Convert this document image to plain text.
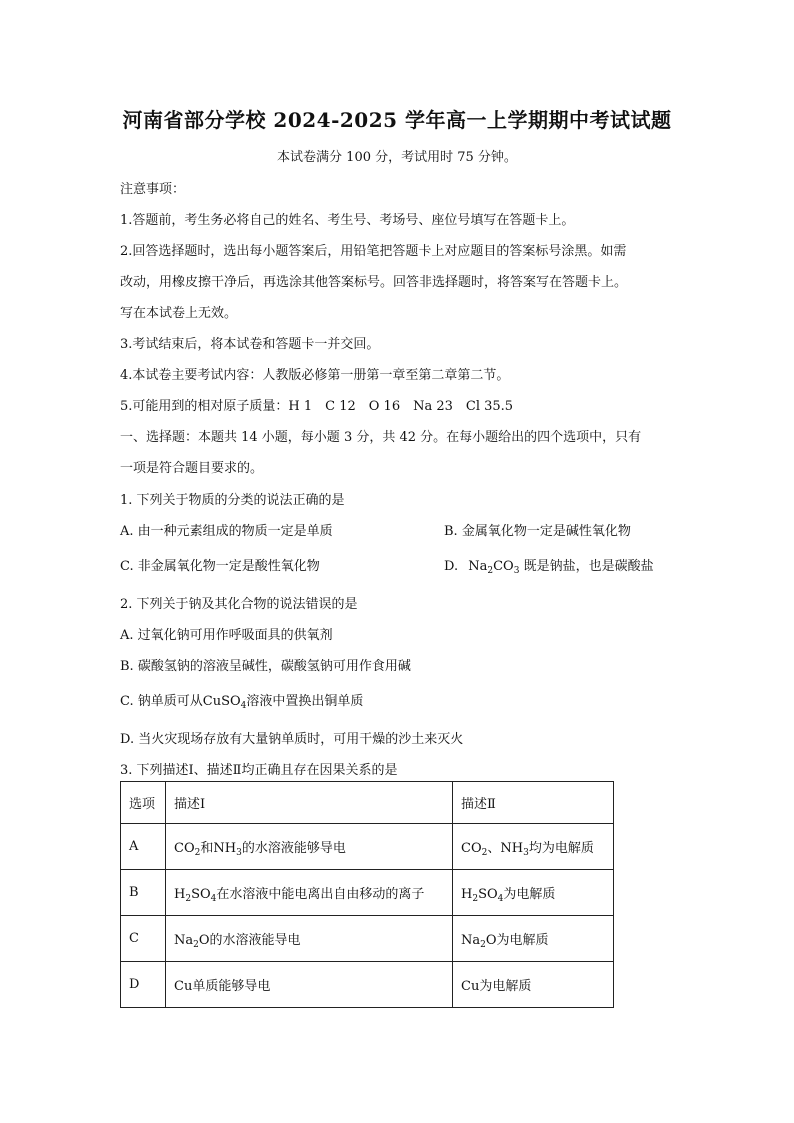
河南省部分学校 2024-2025 学年高一上学期期中考试试题
本试卷满分 100 分，考试用时 75 分钟。
注意事项：
1.答题前，考生务必将自己的姓名、考生号、考场号、座位号填写在答题卡上。
2.回答选择题时，选出每小题答案后，用铅笔把答题卡上对应题目的答案标号涂黑。如需
改动，用橡皮擦干净后，再选涂其他答案标号。回答非选择题时，将答案写在答题卡上。
写在本试卷上无效。
3.考试结束后，将本试卷和答题卡一并交回。
4.本试卷主要考试内容：人教版必修第一册第一章至第二章第二节。
5.可能用到的相对原子质量：H 1　C 12　O 16　Na 23　Cl 35.5
一、选择题：本题共 14 小题，每小题 3 分，共 42 分。在每小题给出的四个选项中，只有
一项是符合题目要求的。
1. 下列关于物质的分类的说法正确的是
A. 由一种元素组成的物质一定是单质	B. 金属氧化物一定是碱性氧化物
C. 非金属氧化物一定是酸性氧化物	D. $Na_2CO_3$ 既是钠盐，也是碳酸盐
2. 下列关于钠及其化合物的说法错误的是
A. 过氧化钠可用作呼吸面具的供氧剂
B. 碳酸氢钠的溶液呈碱性，碳酸氢钠可用作食用碱
C. 钠单质可从CuSO$_4$溶液中置换出铜单质
D. 当火灾现场存放有大量钠单质时，可用干燥的沙土来灭火
3. 下列描述Ⅰ、描述Ⅱ均正确且存在因果关系的是
选项	描述Ⅰ	描述Ⅱ
A	$CO_2$和$NH_3$的水溶液能够导电	$CO_2$、$NH_3$均为电解质
B	$H_2SO_4$在水溶液中能电离出自由移动的离子	$H_2SO_4$为电解质
C	$Na_2O$的水溶液能导电	$Na_2O$为电解质
D	Cu单质能够导电	Cu为电解质
